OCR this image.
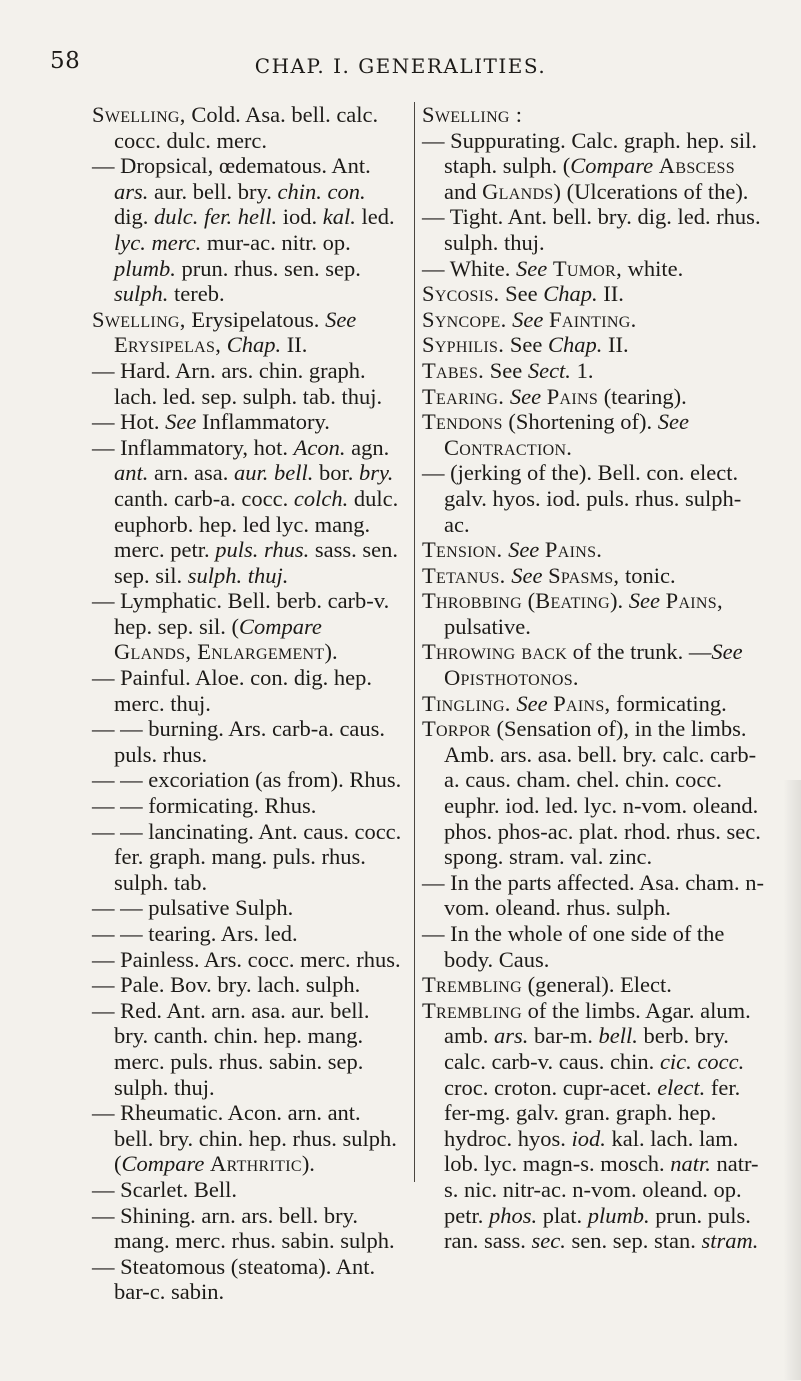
58	CHAP. I. GENERALITIES.
Swelling, Cold. Asa. bell. calc. cocc. dulc. merc.
— Dropsical, œdematous. Ant. ars. aur. bell. bry. chin. con. dig. dulc. fer. hell. iod. kal. led. lyc. merc. mur-ac. nitr. op. plumb. prun. rhus. sen. sep. sulph. tereb.
Swelling, Erysipelatous. See Erysipelas, Chap. II.
— Hard. Arn. ars. chin. graph. lach. led. sep. sulph. tab. thuj.
— Hot. See Inflammatory.
— Inflammatory, hot. Acon. agn. ant. arn. asa. aur. bell. bor. bry. canth. carb-a. cocc. colch. dulc. euphorb. hep. led lyc. mang. merc. petr. puls. rhus. sass. sen. sep. sil. sulph. thuj.
— Lymphatic. Bell. berb. carb-v. hep. sep. sil. (Compare Glands, Enlargement).
— Painful. Aloe. con. dig. hep. merc. thuj.
— — burning. Ars. carb-a. caus. puls. rhus.
— — excoriation (as from). Rhus.
— — formicating. Rhus.
— — lancinating. Ant. caus. cocc. fer. graph. mang. puls. rhus. sulph. tab.
— — pulsative Sulph.
— — tearing. Ars. led.
— Painless. Ars. cocc. merc. rhus.
— Pale. Bov. bry. lach. sulph.
— Red. Ant. arn. asa. aur. bell. bry. canth. chin. hep. mang. merc. puls. rhus. sabin. sep. sulph. thuj.
— Rheumatic. Acon. arn. ant. bell. bry. chin. hep. rhus. sulph. (Compare Arthritic).
— Scarlet. Bell.
— Shining. arn. ars. bell. bry. mang. merc. rhus. sabin. sulph.
— Steatomous (steatoma). Ant. bar-c. sabin.
Swelling :
— Suppurating. Calc. graph. hep. sil. staph. sulph. (Compare Abscess and Glands) (Ulcerations of the).
— Tight. Ant. bell. bry. dig. led. rhus. sulph. thuj.
— White. See Tumor, white.
Sycosis. See Chap. II.
Syncope. See Fainting.
Syphilis. See Chap. II.
Tabes. See Sect. 1.
Tearing. See Pains (tearing).
Tendons (Shortening of). See Contraction.
— (jerking of the). Bell. con. elect. galv. hyos. iod. puls. rhus. sulph-ac.
Tension. See Pains.
Tetanus. See Spasms, tonic.
Throbbing (Beating). See Pains, pulsative.
Throwing back of the trunk. —See Opisthotonos.
Tingling. See Pains, formicating.
Torpor (Sensation of), in the limbs. Amb. ars. asa. bell. bry. calc. carb-a. caus. cham. chel. chin. cocc. euphr. iod. led. lyc. n-vom. oleand. phos. phos-ac. plat. rhod. rhus. sec. spong. stram. val. zinc.
— In the parts affected. Asa. cham. n-vom. oleand. rhus. sulph.
— In the whole of one side of the body. Caus.
Trembling (general). Elect.
Trembling of the limbs. Agar. alum. amb. ars. bar-m. bell. berb. bry. calc. carb-v. caus. chin. cic. cocc. croc. croton. cupr-acet. elect. fer. fer-mg. galv. gran. graph. hep. hydroc. hyos. iod. kal. lach. lam. lob. lyc. magn-s. mosch. natr. natr-s. nic. nitr-ac. n-vom. oleand. op. petr. phos. plat. plumb. prun. puls. ran. sass. sec. sen. sep. stan. stram.
